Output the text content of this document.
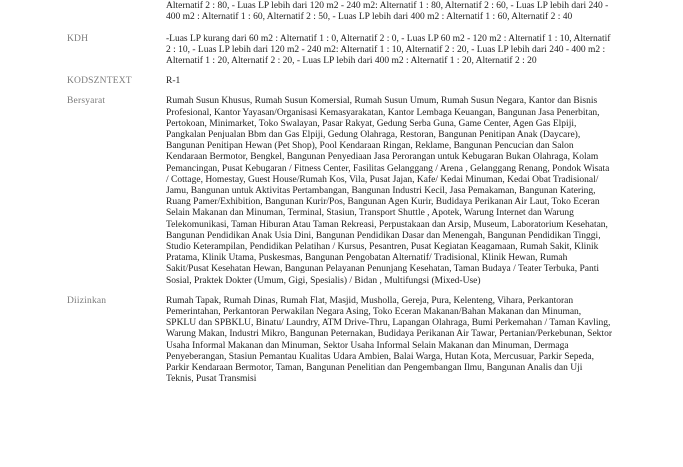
Alternatif 2 : 80, - Luas LP lebih dari 120 m2 - 240 m2: Alternatif 1 : 80, Alternatif 2 : 60, - Luas LP lebih dari 240 - 400 m2 : Alternatif 1 : 60, Alternatif 2 : 50, - Luas LP lebih dari 400 m2 : Alternatif 1 : 60, Alternatif 2 : 40
KDH	-Luas LP kurang dari 60 m2 : Alternatif 1 : 0, Alternatif 2 : 0, - Luas LP 60 m2 - 120 m2 : Alternatif 1 : 10, Alternatif 2 : 10, - Luas LP lebih dari 120 m2 - 240 m2: Alternatif 1 : 10, Alternatif 2 : 20, - Luas LP lebih dari 240 - 400 m2 : Alternatif 1 : 20, Alternatif 2 : 20, - Luas LP lebih dari 400 m2 : Alternatif 1 : 20, Alternatif 2 : 20
KODSZNTEXT	R-1
Bersyarat	Rumah Susun Khusus, Rumah Susun Komersial, Rumah Susun Umum, Rumah Susun Negara, Kantor dan Bisnis Profesional, Kantor Yayasan/Organisasi Kemasyarakatan, Kantor Lembaga Keuangan, Bangunan Jasa Penerbitan, Pertokoan, Minimarket, Toko Swalayan, Pasar Rakyat, Gedung Serba Guna, Game Center, Agen Gas Elpiji, Pangkalan Penjualan Bbm dan Gas Elpiji, Gedung Olahraga, Restoran, Bangunan Penitipan Anak (Daycare), Bangunan Penitipan Hewan (Pet Shop), Pool Kendaraan Ringan, Reklame, Bangunan Pencucian dan Salon Kendaraan Bermotor, Bengkel, Bangunan Penyediaan Jasa Perorangan untuk Kebugaran Bukan Olahraga, Kolam Pemancingan, Pusat Kebugaran / Fitness Center, Fasilitas Gelanggang / Arena , Gelanggang Renang, Pondok Wisata / Cottage, Homestay, Guest House/Rumah Kos, Vila, Pusat Jajan, Kafe/ Kedai Minuman, Kedai Obat Tradisional/ Jamu, Bangunan untuk Aktivitas Pertambangan, Bangunan Industri Kecil, Jasa Pemakaman, Bangunan Katering, Ruang Pamer/Exhibition, Bangunan Kurir/Pos, Bangunan Agen Kurir, Budidaya Perikanan Air Laut, Toko Eceran Selain Makanan dan Minuman, Terminal, Stasiun, Transport Shuttle , Apotek, Warung Internet dan Warung Telekomunikasi, Taman Hiburan Atau Taman Rekreasi, Perpustakaan dan Arsip, Museum, Laboratorium Kesehatan, Bangunan Pendidikan Anak Usia Dini, Bangunan Pendidikan Dasar dan Menengah, Bangunan Pendidikan Tinggi, Studio Keterampilan, Pendidikan Pelatihan / Kursus, Pesantren, Pusat Kegiatan Keagamaan, Rumah Sakit, Klinik Pratama, Klinik Utama, Puskesmas, Bangunan Pengobatan Alternatif/ Tradisional, Klinik Hewan, Rumah Sakit/Pusat Kesehatan Hewan, Bangunan Pelayanan Penunjang Kesehatan, Taman Budaya / Teater Terbuka, Panti Sosial, Praktek Dokter (Umum, Gigi, Spesialis) / Bidan , Multifungsi (Mixed-Use)
Diizinkan	Rumah Tapak, Rumah Dinas, Rumah Flat, Masjid, Musholla, Gereja, Pura, Kelenteng, Vihara, Perkantoran Pemerintahan, Perkantoran Perwakilan Negara Asing, Toko Eceran Makanan/Bahan Makanan dan Minuman, SPKLU dan SPBKLU, Binatu/ Laundry, ATM Drive-Thru, Lapangan Olahraga, Bumi Perkemahan / Taman Kavling, Warung Makan, Industri Mikro, Bangunan Peternakan, Budidaya Perikanan Air Tawar, Pertanian/Perkebunan, Sektor Usaha Informal Makanan dan Minuman, Sektor Usaha Informal Selain Makanan dan Minuman, Dermaga Penyeberangan, Stasiun Pemantau Kualitas Udara Ambien, Balai Warga, Hutan Kota, Mercusuar, Parkir Sepeda, Parkir Kendaraan Bermotor, Taman, Bangunan Penelitian dan Pengembangan Ilmu, Bangunan Analis dan Uji Teknis, Pusat Transmisi
